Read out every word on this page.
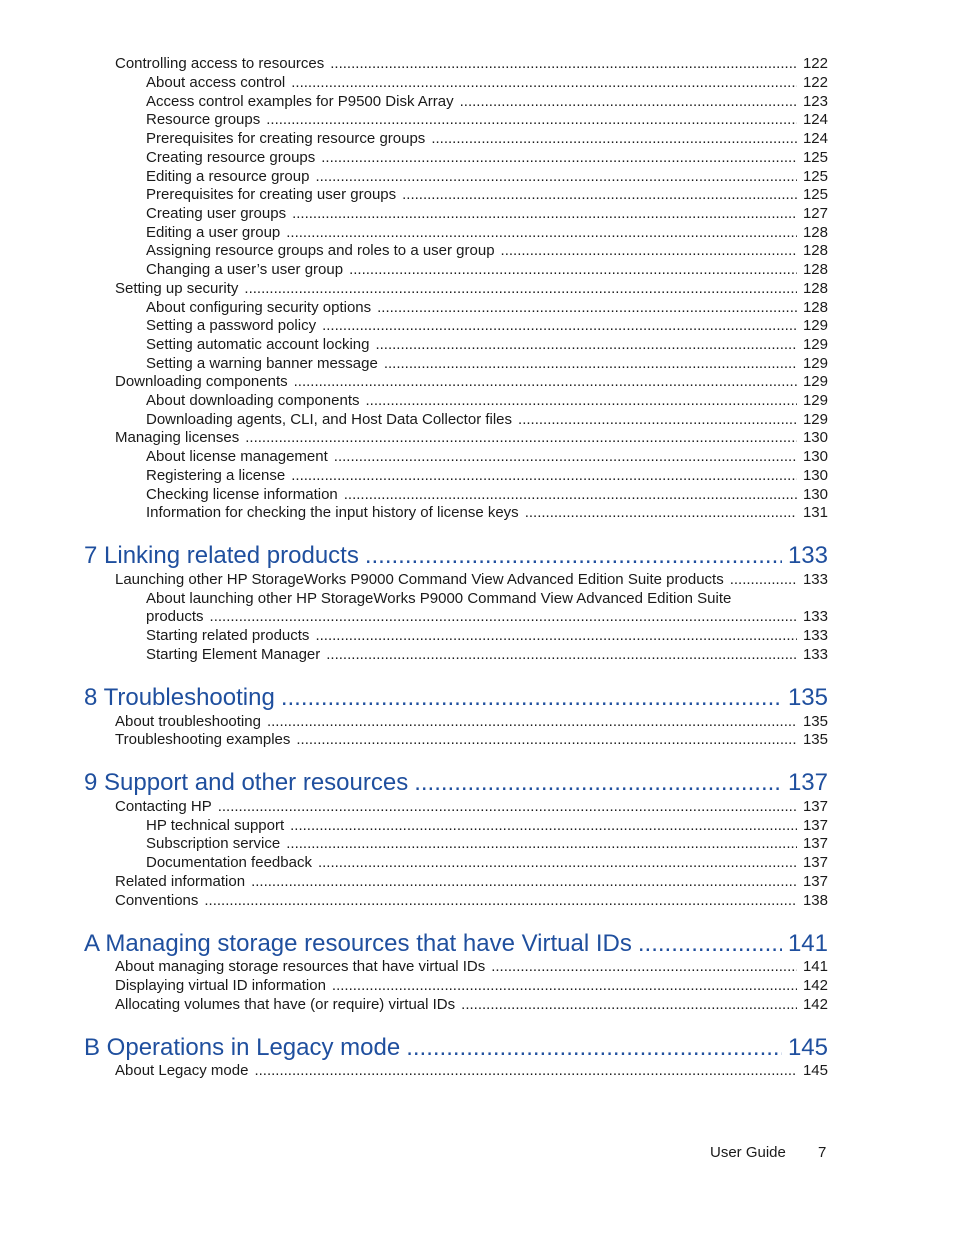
Controlling access to resources .....	122
About access control .....	122
Access control examples for P9500 Disk Array .....	123
Resource groups .....	124
Prerequisites for creating resource groups .....	124
Creating resource groups .....	125
Editing a resource group .....	125
Prerequisites for creating user groups .....	125
Creating user groups .....	127
Editing a user group .....	128
Assigning resource groups and roles to a user group .....	128
Changing a user’s user group .....	128
Setting up security .....	128
About configuring security options .....	128
Setting a password policy .....	129
Setting automatic account locking .....	129
Setting a warning banner message .....	129
Downloading components .....	129
About downloading components .....	129
Downloading agents, CLI, and Host Data Collector files .....	129
Managing licenses .....	130
About license management .....	130
Registering a license .....	130
Checking license information .....	130
Information for checking the input history of license keys .....	131
7 Linking related products .....	133
Launching other HP StorageWorks P9000 Command View Advanced Edition Suite products .....	133
About launching other HP StorageWorks P9000 Command View Advanced Edition Suite
products .....	133
Starting related products .....	133
Starting Element Manager .....	133
8 Troubleshooting .....	135
About troubleshooting .....	135
Troubleshooting examples .....	135
9 Support and other resources .....	137
Contacting HP .....	137
HP technical support .....	137
Subscription service .....	137
Documentation feedback .....	137
Related information .....	137
Conventions .....	138
A Managing storage resources that have Virtual IDs .....	141
About managing storage resources that have virtual IDs .....	141
Displaying virtual ID information .....	142
Allocating volumes that have (or require) virtual IDs .....	142
B Operations in Legacy mode .....	145
About Legacy mode .....	145
User Guide 7
